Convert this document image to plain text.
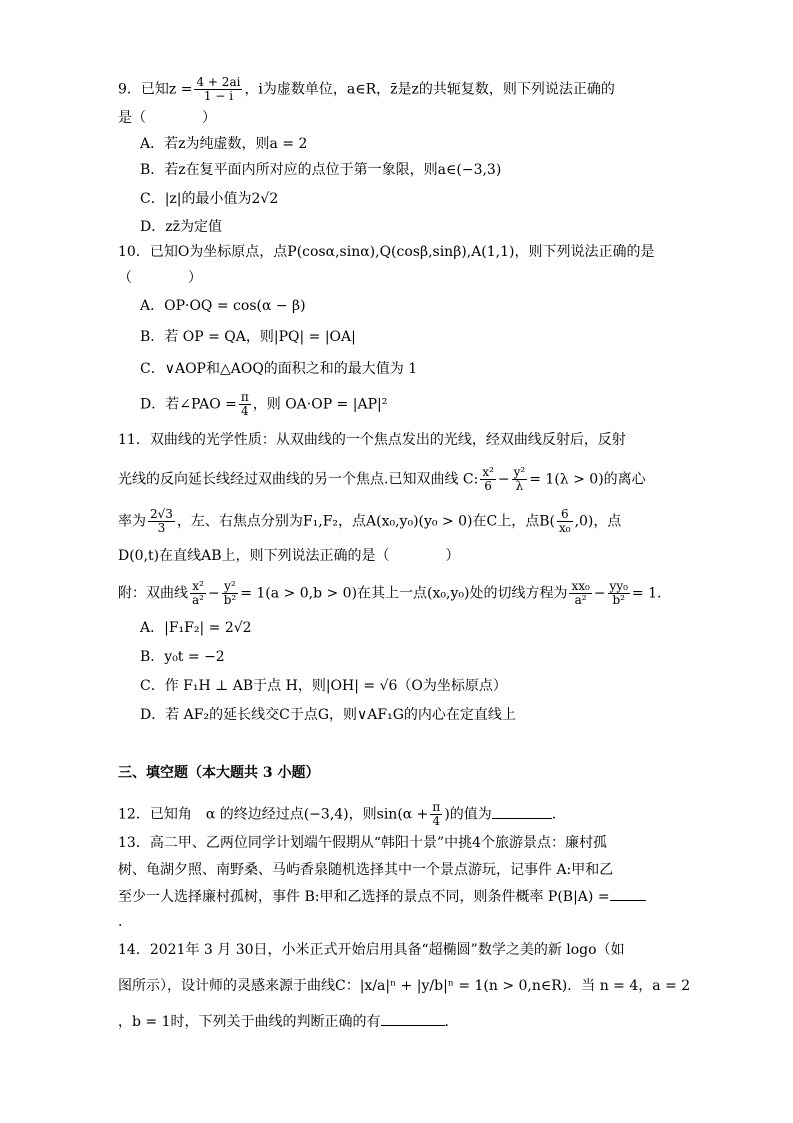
9．已知$z = \frac{4 + 2ai}{1 - i}$ ，i为虚数单位，a∈R，z̄是z的共轭复数，则下列说法正确的
是（　　　　）
A．若z为纯虚数，则a = 2
B．若z在复平面内所对应的点位于第一象限，则a∈(−3,3)
C．|z|的最小值为2√2
D．zz̄为定值
10．已知O为坐标原点，点P(cosα,sinα),Q(cosβ,sinβ),A(1,1)，则下列说法正确的是
（　　　　）
A．OP·OQ = cos(α − β)
B．若 OP = QA，则|PQ| = |OA|
C．∨AOP和△AOQ的面积之和的最大值为 1
D．若∠PAO = $\frac{\pi}{4}$ ，则 OA·OP = |AP|²
11．双曲线的光学性质：从双曲线的一个焦点发出的光线，经双曲线反射后，反射
光线的反向延长线经过双曲线的另一个焦点.已知双曲线 C: $\frac{\text{x²}}{6} - \frac{\text{y²}}{\lambda} = 1(\lambda > 0)$的离心
率为 $\frac{2√3}{3}$ ，左、右焦点分别为F₁,F₂，点A(x₀,y₀)(y₀ > 0)在C上，点$B( \frac{6}{\text{x₀}} ,0)$，点
D(0,t)在直线AB上，则下列说法正确的是（　　　　）
附：双曲线 $\frac{\text{x²}}{\text{a²}} - \frac{\text{y²}}{\text{b²}} = 1(a > 0,b > 0)$在其上一点(x₀,y₀)处的切线方程为 $\frac{\text{xx₀}}{\text{a²}} - \frac{\text{yy₀}}{\text{b²}} = 1$.
A．|F₁F₂| = 2√2
B．y₀t = −2
C．作 F₁H ⊥ AB于点 H，则|OH| = √6（O为坐标原点）
D．若 AF₂的延长线交C于点G，则∨AF₁G的内心在定直线上
三、填空题（本大题共 3 小题）
12．已知角　α 的终边经过点(−3,4)，则$\sin(\alpha + \frac{\pi}{4}$ )的值为	.
13．高二甲、乙两位同学计划端午假期从“韩阳十景”中挑4个旅游景点：廉村孤
树、龟湖夕照、南野桑、马屿香泉随机选择其中一个景点游玩，记事件 A:甲和乙
至少一人选择廉村孤树，事件 B:甲和乙选择的景点不同，则条件概率 P(B|A) =
.
14．2021年 3 月 30日，小米正式开始启用具备“超椭圆”数学之美的新 logo（如
图所示），设计师的灵感来源于曲线C：|x/a|ⁿ + |y/b|ⁿ = 1(n > 0,n∈R)．当 n = 4，a = 2
，b = 1时，下列关于曲线的判断正确的有	.
